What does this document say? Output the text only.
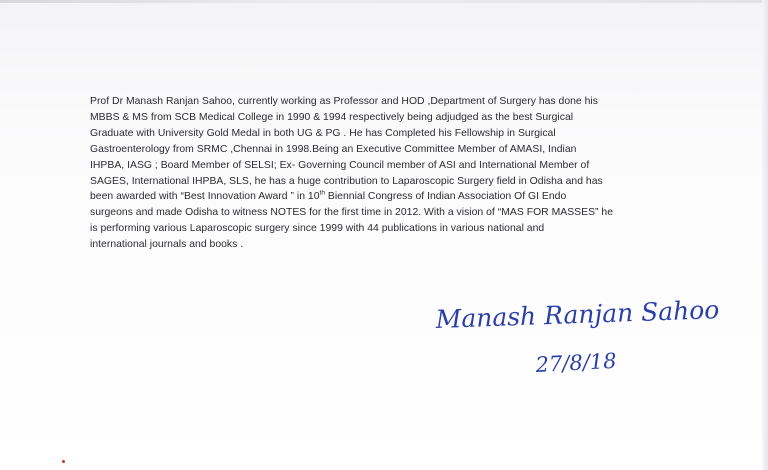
Prof Dr Manash Ranjan Sahoo, currently working as Professor and HOD ,Department of Surgery has done his
MBBS & MS from SCB Medical College in 1990 & 1994 respectively being adjudged as the best Surgical
Graduate with University Gold Medal in both UG & PG . He has Completed his Fellowship in Surgical
Gastroenterology from SRMC ,Chennai in 1998.Being an Executive Committee Member of AMASI, Indian
IHPBA, IASG ; Board Member of SELSI; Ex- Governing Council member of ASI and International Member of
SAGES, International IHPBA, SLS, he has a huge contribution to Laparoscopic Surgery field in Odisha and has
been awarded with “Best Innovation Award ” in 10th Biennial Congress of Indian Association Of GI Endo
surgeons and made Odisha to witness NOTES for the first time in 2012. With a vision of “MAS FOR MASSES” he
is performing various Laparoscopic surgery since 1999 with 44 publications in various national and
international journals and books .

Manash Ranjan Sahoo
27/8/18
